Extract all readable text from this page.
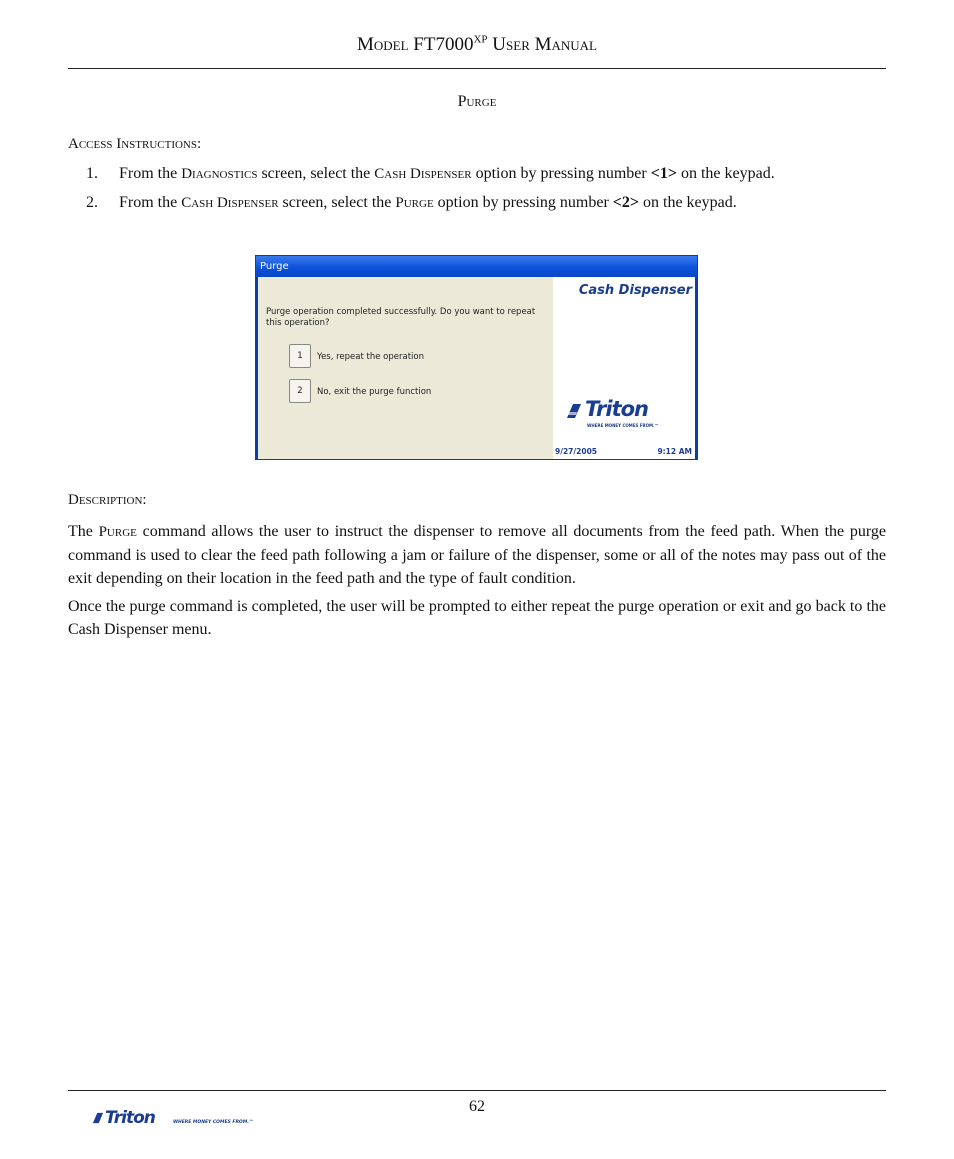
Model $FT7000^{XP}$ User Manual
Purge
Access Instructions:
1. From the Diagnostics screen, select the Cash Dispenser option by pressing number <1> on the keypad.
2. From the Cash Dispenser screen, select the Purge option by pressing number <2> on the keypad.
Purge
Purge operation completed successfully. Do you want to repeat this operation?
1	Yes, repeat the operation
2	No, exit the purge function
Cash Dispenser
Triton
WHERE MONEY COMES FROM.™
9/27/2005	9:12 AM
Description:
The Purge command allows the user to instruct the dispenser to remove all documents from the feed path. When the purge command is used to clear the feed path following a jam or failure of the dispenser, some or all of the notes may pass out of the exit depending on their location in the feed path and the type of fault condition.
Once the purge command is completed, the user will be prompted to either repeat the purge operation or exit and go back to the Cash Dispenser menu.
62
Triton	WHERE MONEY COMES FROM.™
